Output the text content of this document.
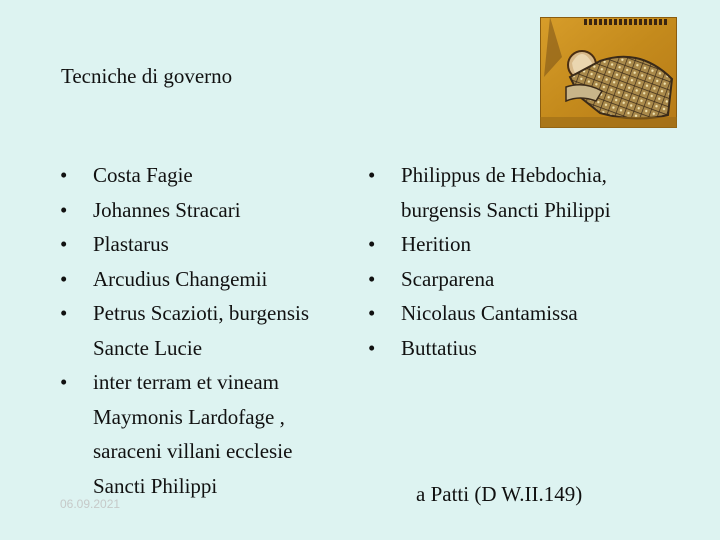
Tecniche di governo
• Costa Fagie
• Johannes Stracari
• Plastarus
• Arcudius Changemii
• Petrus Scazioti, burgensis
Sancte Lucie
• inter terram et vineam
Maymonis Lardofage ,
saraceni villani ecclesie
Sancti Philippi
• Philippus de Hebdochia,
burgensis Sancti Philippi
• Herition
• Scarparena
• Nicolaus Cantamissa
• Buttatius
06.09.2021	a Patti (D W.II.149)
